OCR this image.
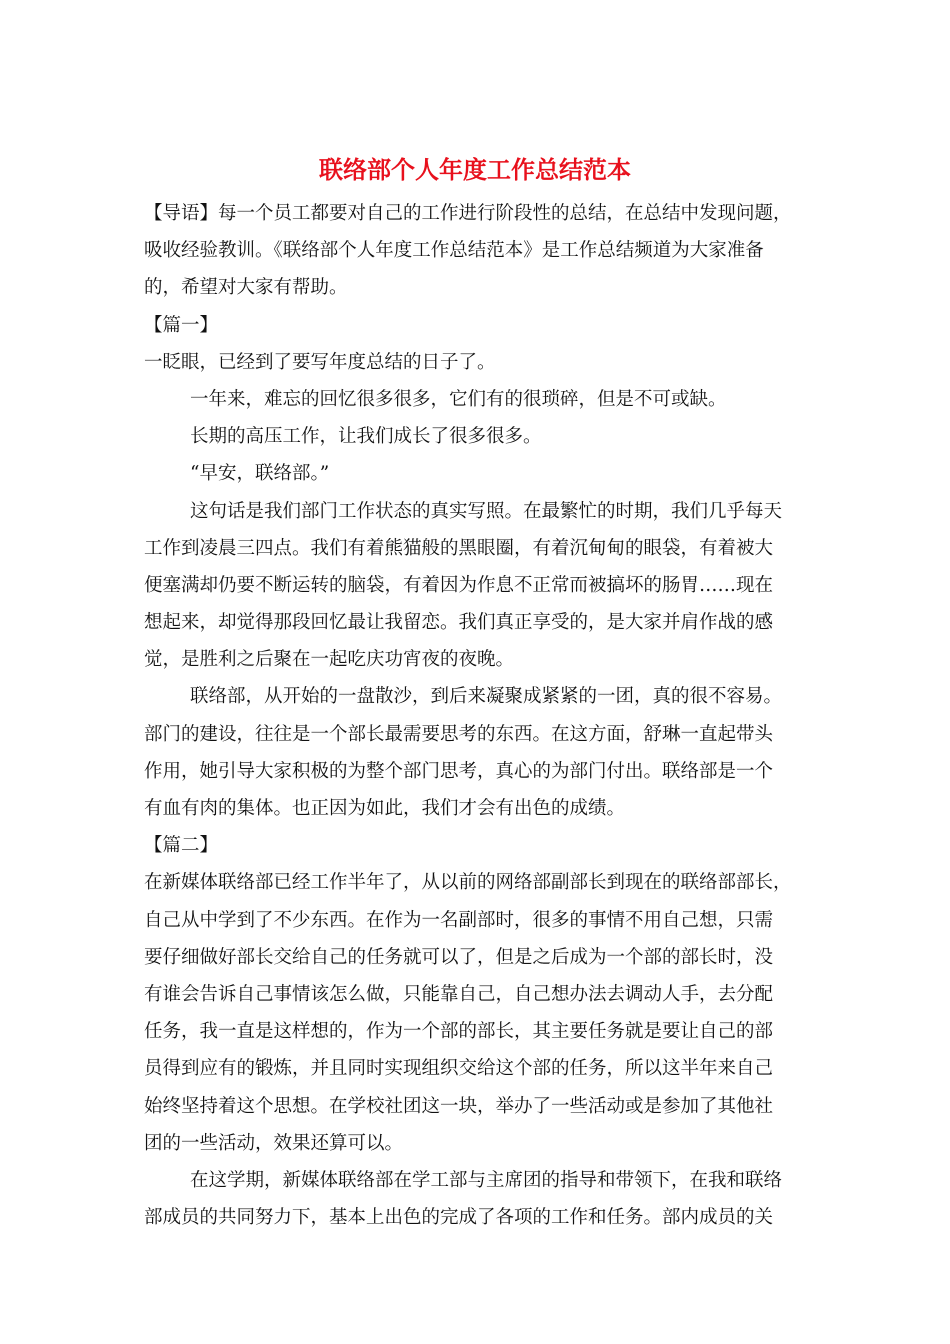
联络部个人年度工作总结范本
【导语】每一个员工都要对自己的工作进行阶段性的总结，在总结中发现问题，
吸收经验教训。《联络部个人年度工作总结范本》是工作总结频道为大家准备
的，希望对大家有帮助。
【篇一】
一眨眼，已经到了要写年度总结的日子了。
一年来，难忘的回忆很多很多，它们有的很琐碎，但是不可或缺。
长期的高压工作，让我们成长了很多很多。
“早安，联络部。”
这句话是我们部门工作状态的真实写照。在最繁忙的时期，我们几乎每天
工作到凌晨三四点。我们有着熊猫般的黑眼圈，有着沉甸甸的眼袋，有着被大
便塞满却仍要不断运转的脑袋，有着因为作息不正常而被搞坏的肠胃……现在
想起来，却觉得那段回忆最让我留恋。我们真正享受的，是大家并肩作战的感
觉，是胜利之后聚在一起吃庆功宵夜的夜晚。
联络部，从开始的一盘散沙，到后来凝聚成紧紧的一团，真的很不容易。
部门的建设，往往是一个部长最需要思考的东西。在这方面，舒琳一直起带头
作用，她引导大家积极的为整个部门思考，真心的为部门付出。联络部是一个
有血有肉的集体。也正因为如此，我们才会有出色的成绩。
【篇二】
在新媒体联络部已经工作半年了，从以前的网络部副部长到现在的联络部部长，
自己从中学到了不少东西。在作为一名副部时，很多的事情不用自己想，只需
要仔细做好部长交给自己的任务就可以了，但是之后成为一个部的部长时，没
有谁会告诉自己事情该怎么做，只能靠自己，自己想办法去调动人手，去分配
任务，我一直是这样想的，作为一个部的部长，其主要任务就是要让自己的部
员得到应有的锻炼，并且同时实现组织交给这个部的任务，所以这半年来自己
始终坚持着这个思想。在学校社团这一块，举办了一些活动或是参加了其他社
团的一些活动，效果还算可以。
在这学期，新媒体联络部在学工部与主席团的指导和带领下，在我和联络
部成员的共同努力下，基本上出色的完成了各项的工作和任务。部内成员的关
